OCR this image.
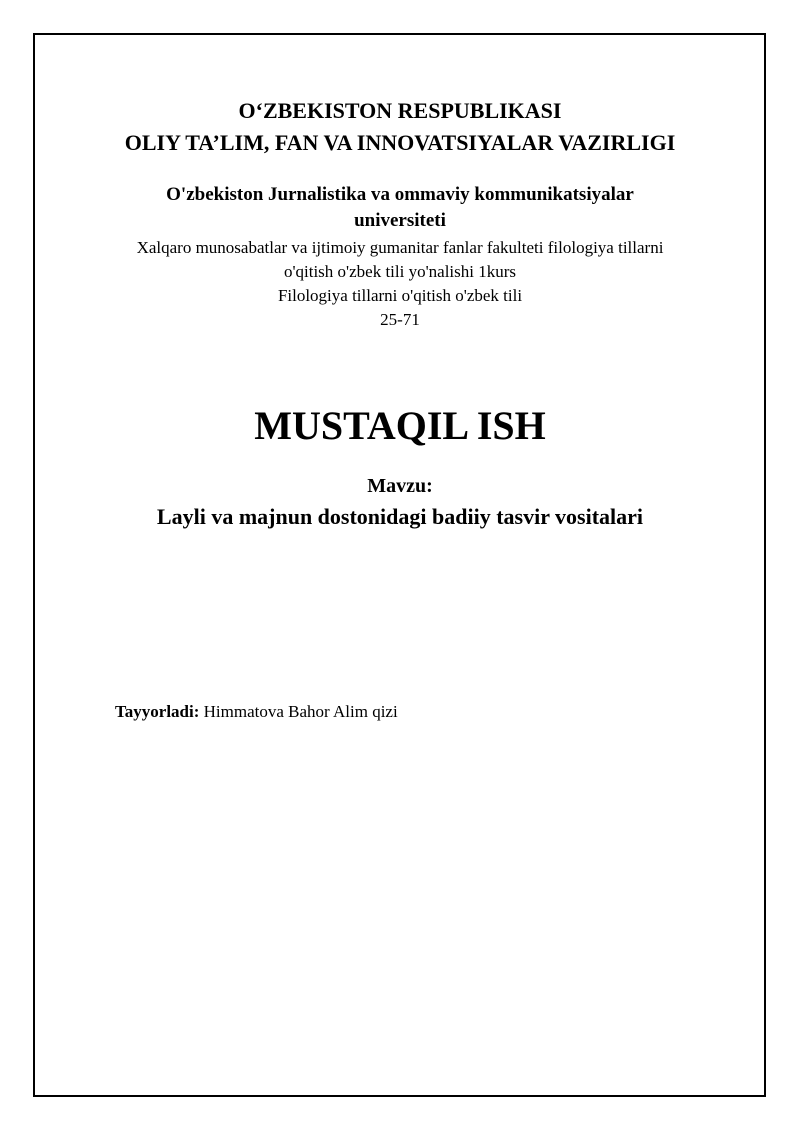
O‘ZBEKISTON RESPUBLIKASI
OLIY TA’LIM, FAN VA INNOVATSIYALAR VAZIRLIGI
O'zbekiston Jurnalistika va ommaviy kommunikatsiyalar universiteti
Xalqaro munosabatlar va ijtimoiy gumanitar fanlar fakulteti filologiya tillarni
o'qitish o'zbek tili yo'nalishi 1kurs
Filologiya tillarni o'qitish o'zbek tili
25-71
MUSTAQIL ISH
Mavzu:
Layli va majnun dostonidagi badiiy tasvir vositalari

Tayyorladi: Himmatova Bahor Alim qizi
